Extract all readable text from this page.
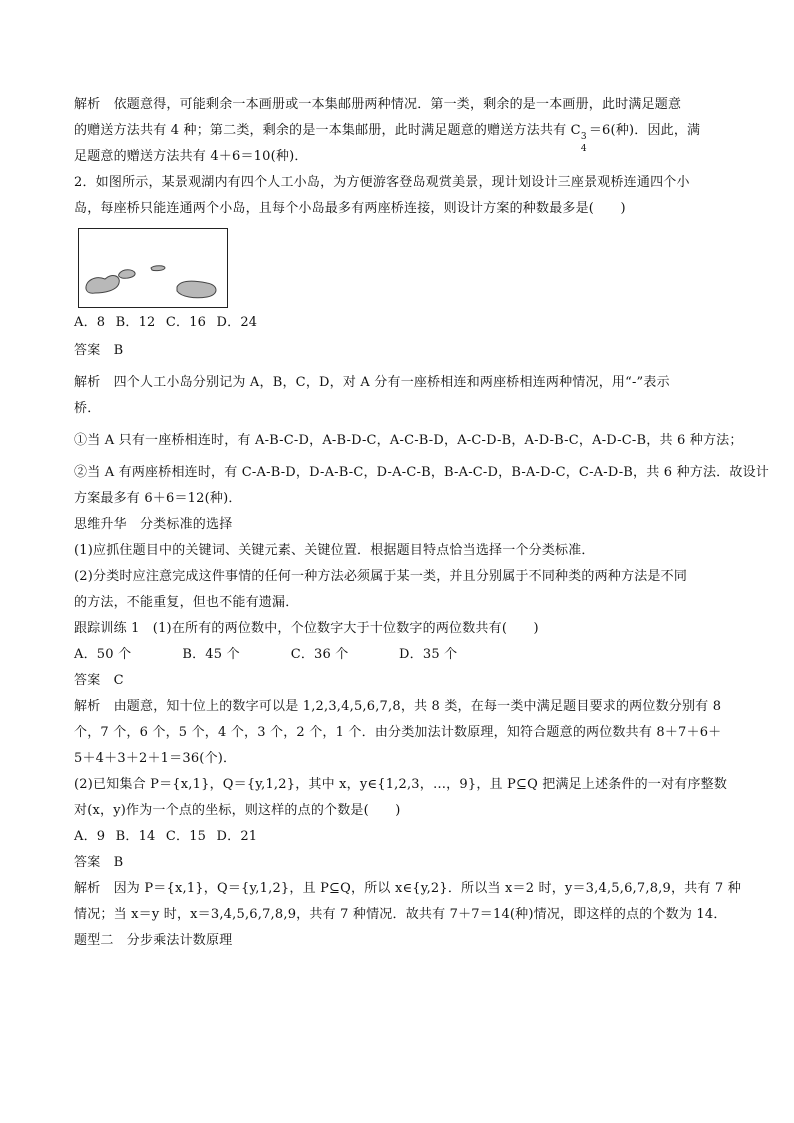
解析　依题意得，可能剩余一本画册或一本集邮册两种情况．第一类，剩余的是一本画册，此时满足题意
的赠送方法共有 4 种；第二类，剩余的是一本集邮册，此时满足题意的赠送方法共有 C 3
4
＝6(种)．因此，满
足题意的赠送方法共有 4＋6＝10(种)．
2．如图所示，某景观湖内有四个人工小岛，为方便游客登岛观赏美景，现计划设计三座景观桥连通四个小
岛，每座桥只能连通两个小岛，且每个小岛最多有两座桥连接，则设计方案的种数最多是(　　)
A．8 B．12 C．16 D．24
答案　B
解析　四个人工小岛分别记为 A，B，C，D，对 A 分有一座桥相连和两座桥相连两种情况，用“-”表示
桥．
①当 A 只有一座桥相连时，有 A-B-C-D，A-B-D-C，A-C-B-D，A-C-D-B，A-D-B-C，A-D-C-B，共 6 种方法；
②当 A 有两座桥相连时，有 C-A-B-D，D-A-B-C，D-A-C-B，B-A-C-D，B-A-D-C，C-A-D-B，共 6 种方法．故设计
方案最多有 6＋6＝12(种)．
思维升华　分类标准的选择
(1)应抓住题目中的关键词、关键元素、关键位置．根据题目特点恰当选择一个分类标准．
(2)分类时应注意完成这件事情的任何一种方法必须属于某一类，并且分别属于不同种类的两种方法是不同
的方法，不能重复，但也不能有遗漏．
跟踪训练 1　(1)在所有的两位数中，个位数字大于十位数字的两位数共有(　　)
A．50 个	B．45 个	C．36 个	D．35 个
答案　C
解析　由题意，知十位上的数字可以是 1,2,3,4,5,6,7,8，共 8 类，在每一类中满足题目要求的两位数分别有 8
个，7 个，6 个，5 个，4 个，3 个，2 个，1 个．由分类加法计数原理，知符合题意的两位数共有 8＋7＋6＋
5＋4＋3＋2＋1＝36(个)．
(2)已知集合 P＝{x,1}，Q＝{y,1,2}，其中 x，y∈{1,2,3，…，9}，且 P⊆Q 把满足上述条件的一对有序整数
对(x，y)作为一个点的坐标，则这样的点的个数是(　　)
A．9 B．14 C．15 D．21
答案　B
解析　因为 P＝{x,1}，Q＝{y,1,2}，且 P⊆Q，所以 x∈{y,2}．所以当 x＝2 时，y＝3,4,5,6,7,8,9，共有 7 种
情况；当 x＝y 时，x＝3,4,5,6,7,8,9，共有 7 种情况．故共有 7＋7＝14(种)情况，即这样的点的个数为 14．
题型二　分步乘法计数原理
